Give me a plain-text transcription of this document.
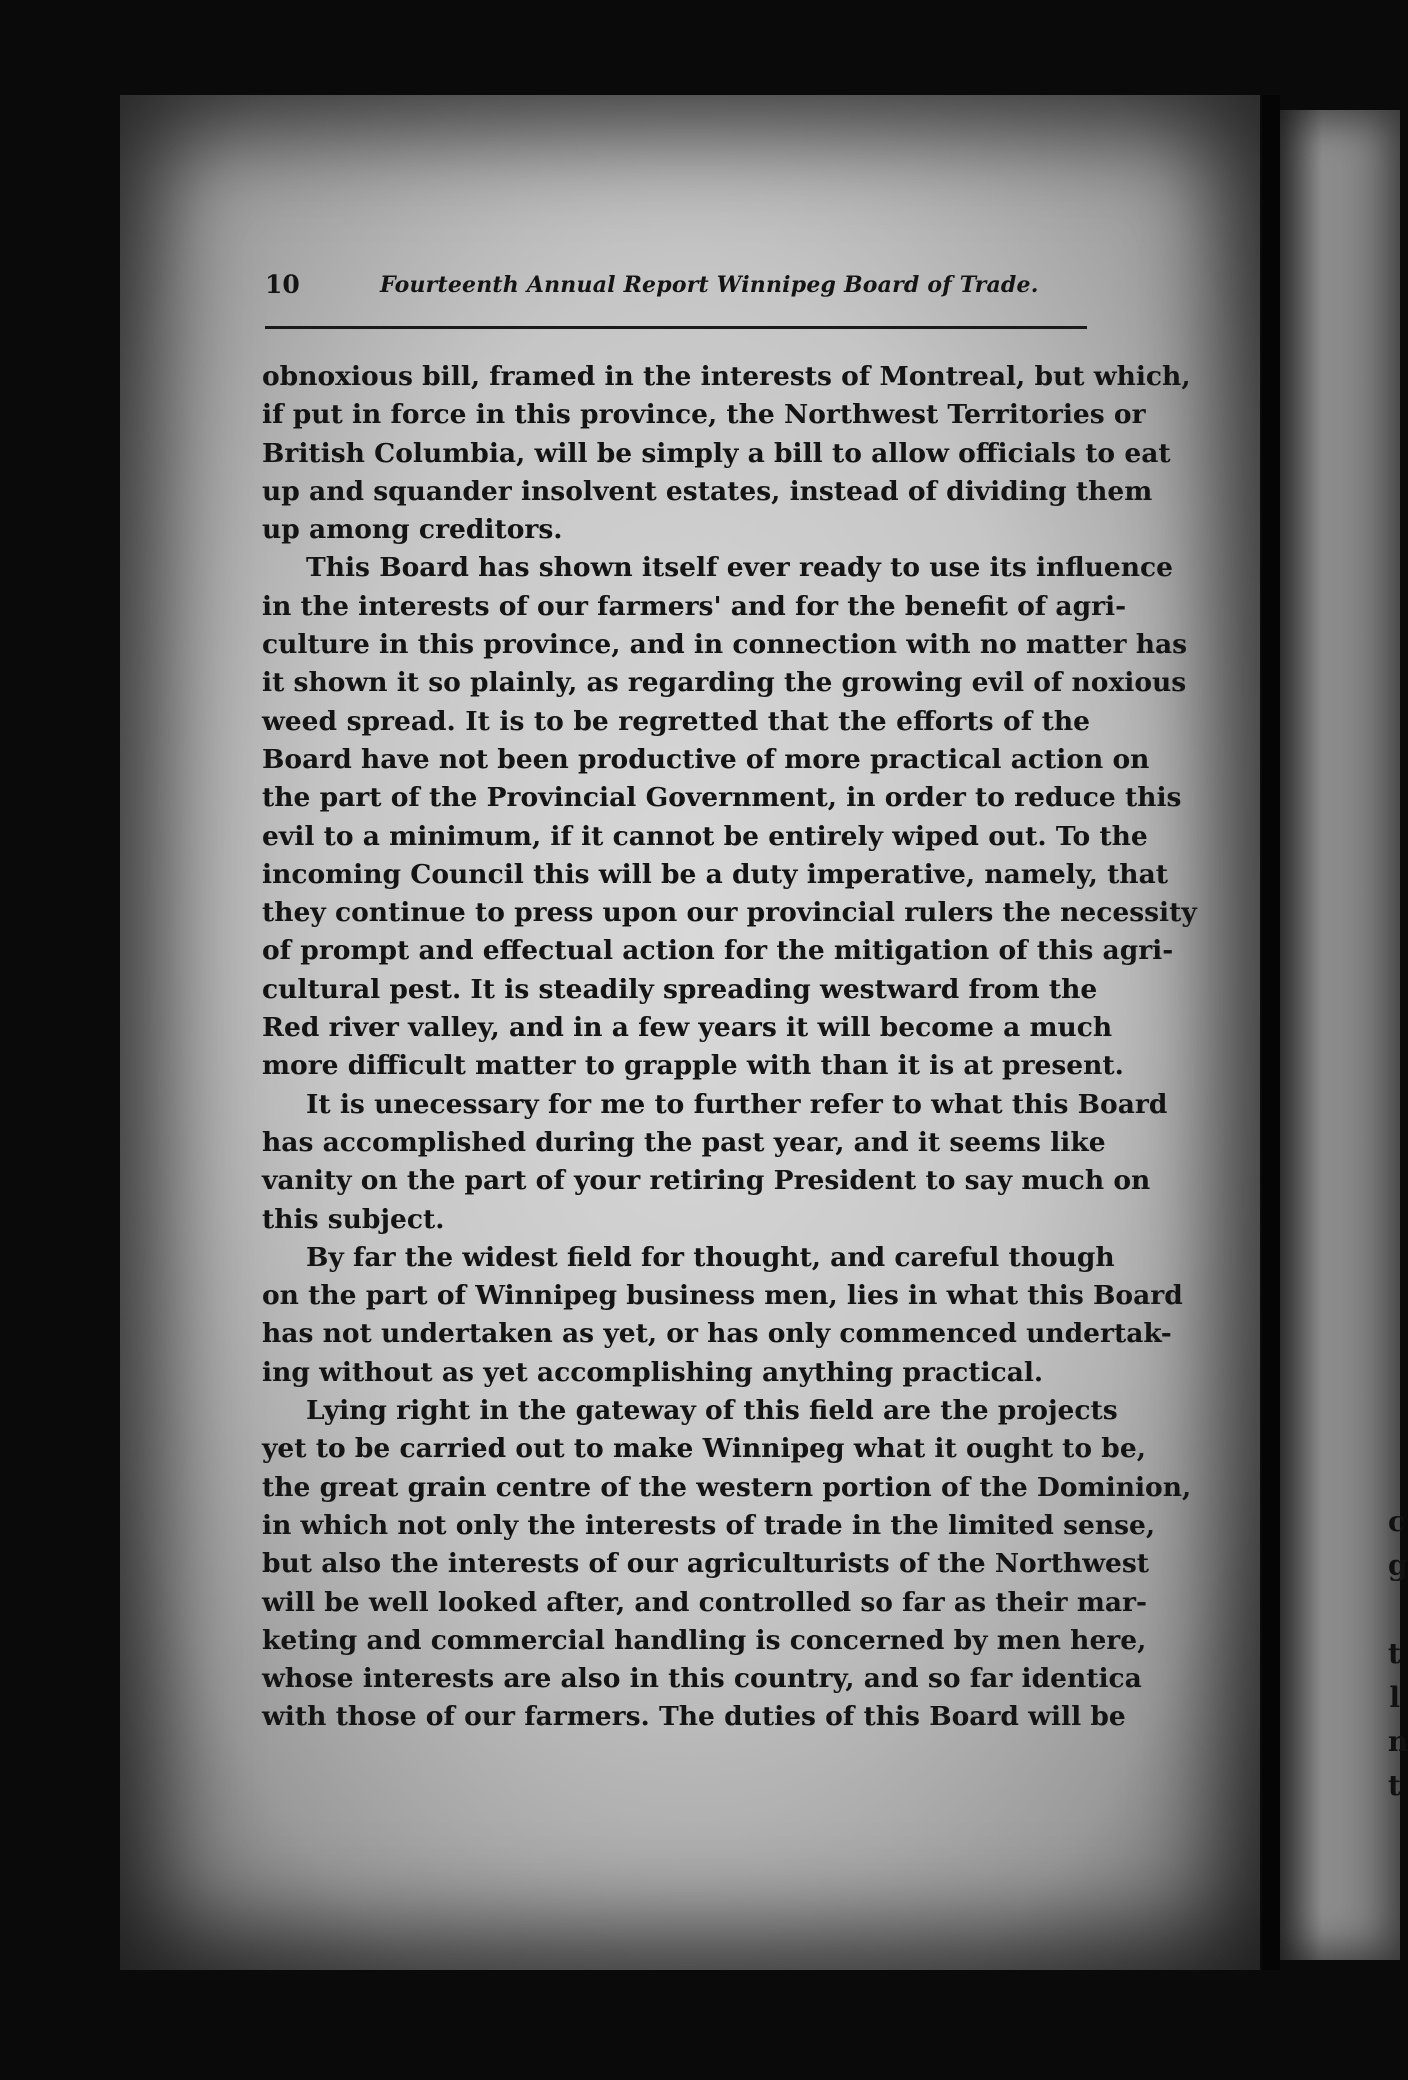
c
g
t
l
n
t
10	Fourteenth Annual Report Winnipeg Board of Trade.
obnoxious bill, framed in the interests of Montreal, but which,
if put in force in this province, the Northwest Territories or
British Columbia, will be simply a bill to allow officials to eat
up and squander insolvent estates, instead of dividing them
up among creditors.
This Board has shown itself ever ready to use its influence
in the interests of our farmers' and for the benefit of agri-
culture in this province, and in connection with no matter has
it shown it so plainly, as regarding the growing evil of noxious
weed spread. It is to be regretted that the efforts of the
Board have not been productive of more practical action on
the part of the Provincial Government, in order to reduce this
evil to a minimum, if it cannot be entirely wiped out. To the
incoming Council this will be a duty imperative, namely, that
they continue to press upon our provincial rulers the necessity
of prompt and effectual action for the mitigation of this agri-
cultural pest. It is steadily spreading westward from the
Red river valley, and in a few years it will become a much
more difficult matter to grapple with than it is at present.
It is unecessary for me to further refer to what this Board
has accomplished during the past year, and it seems like
vanity on the part of your retiring President to say much on
this subject.
By far the widest field for thought, and careful though
on the part of Winnipeg business men, lies in what this Board
has not undertaken as yet, or has only commenced undertak-
ing without as yet accomplishing anything practical.
Lying right in the gateway of this field are the projects
yet to be carried out to make Winnipeg what it ought to be,
the great grain centre of the western portion of the Dominion,
in which not only the interests of trade in the limited sense,
but also the interests of our agriculturists of the Northwest
will be well looked after, and controlled so far as their mar-
keting and commercial handling is concerned by men here,
whose interests are also in this country, and so far identica
with those of our farmers. The duties of this Board will be
